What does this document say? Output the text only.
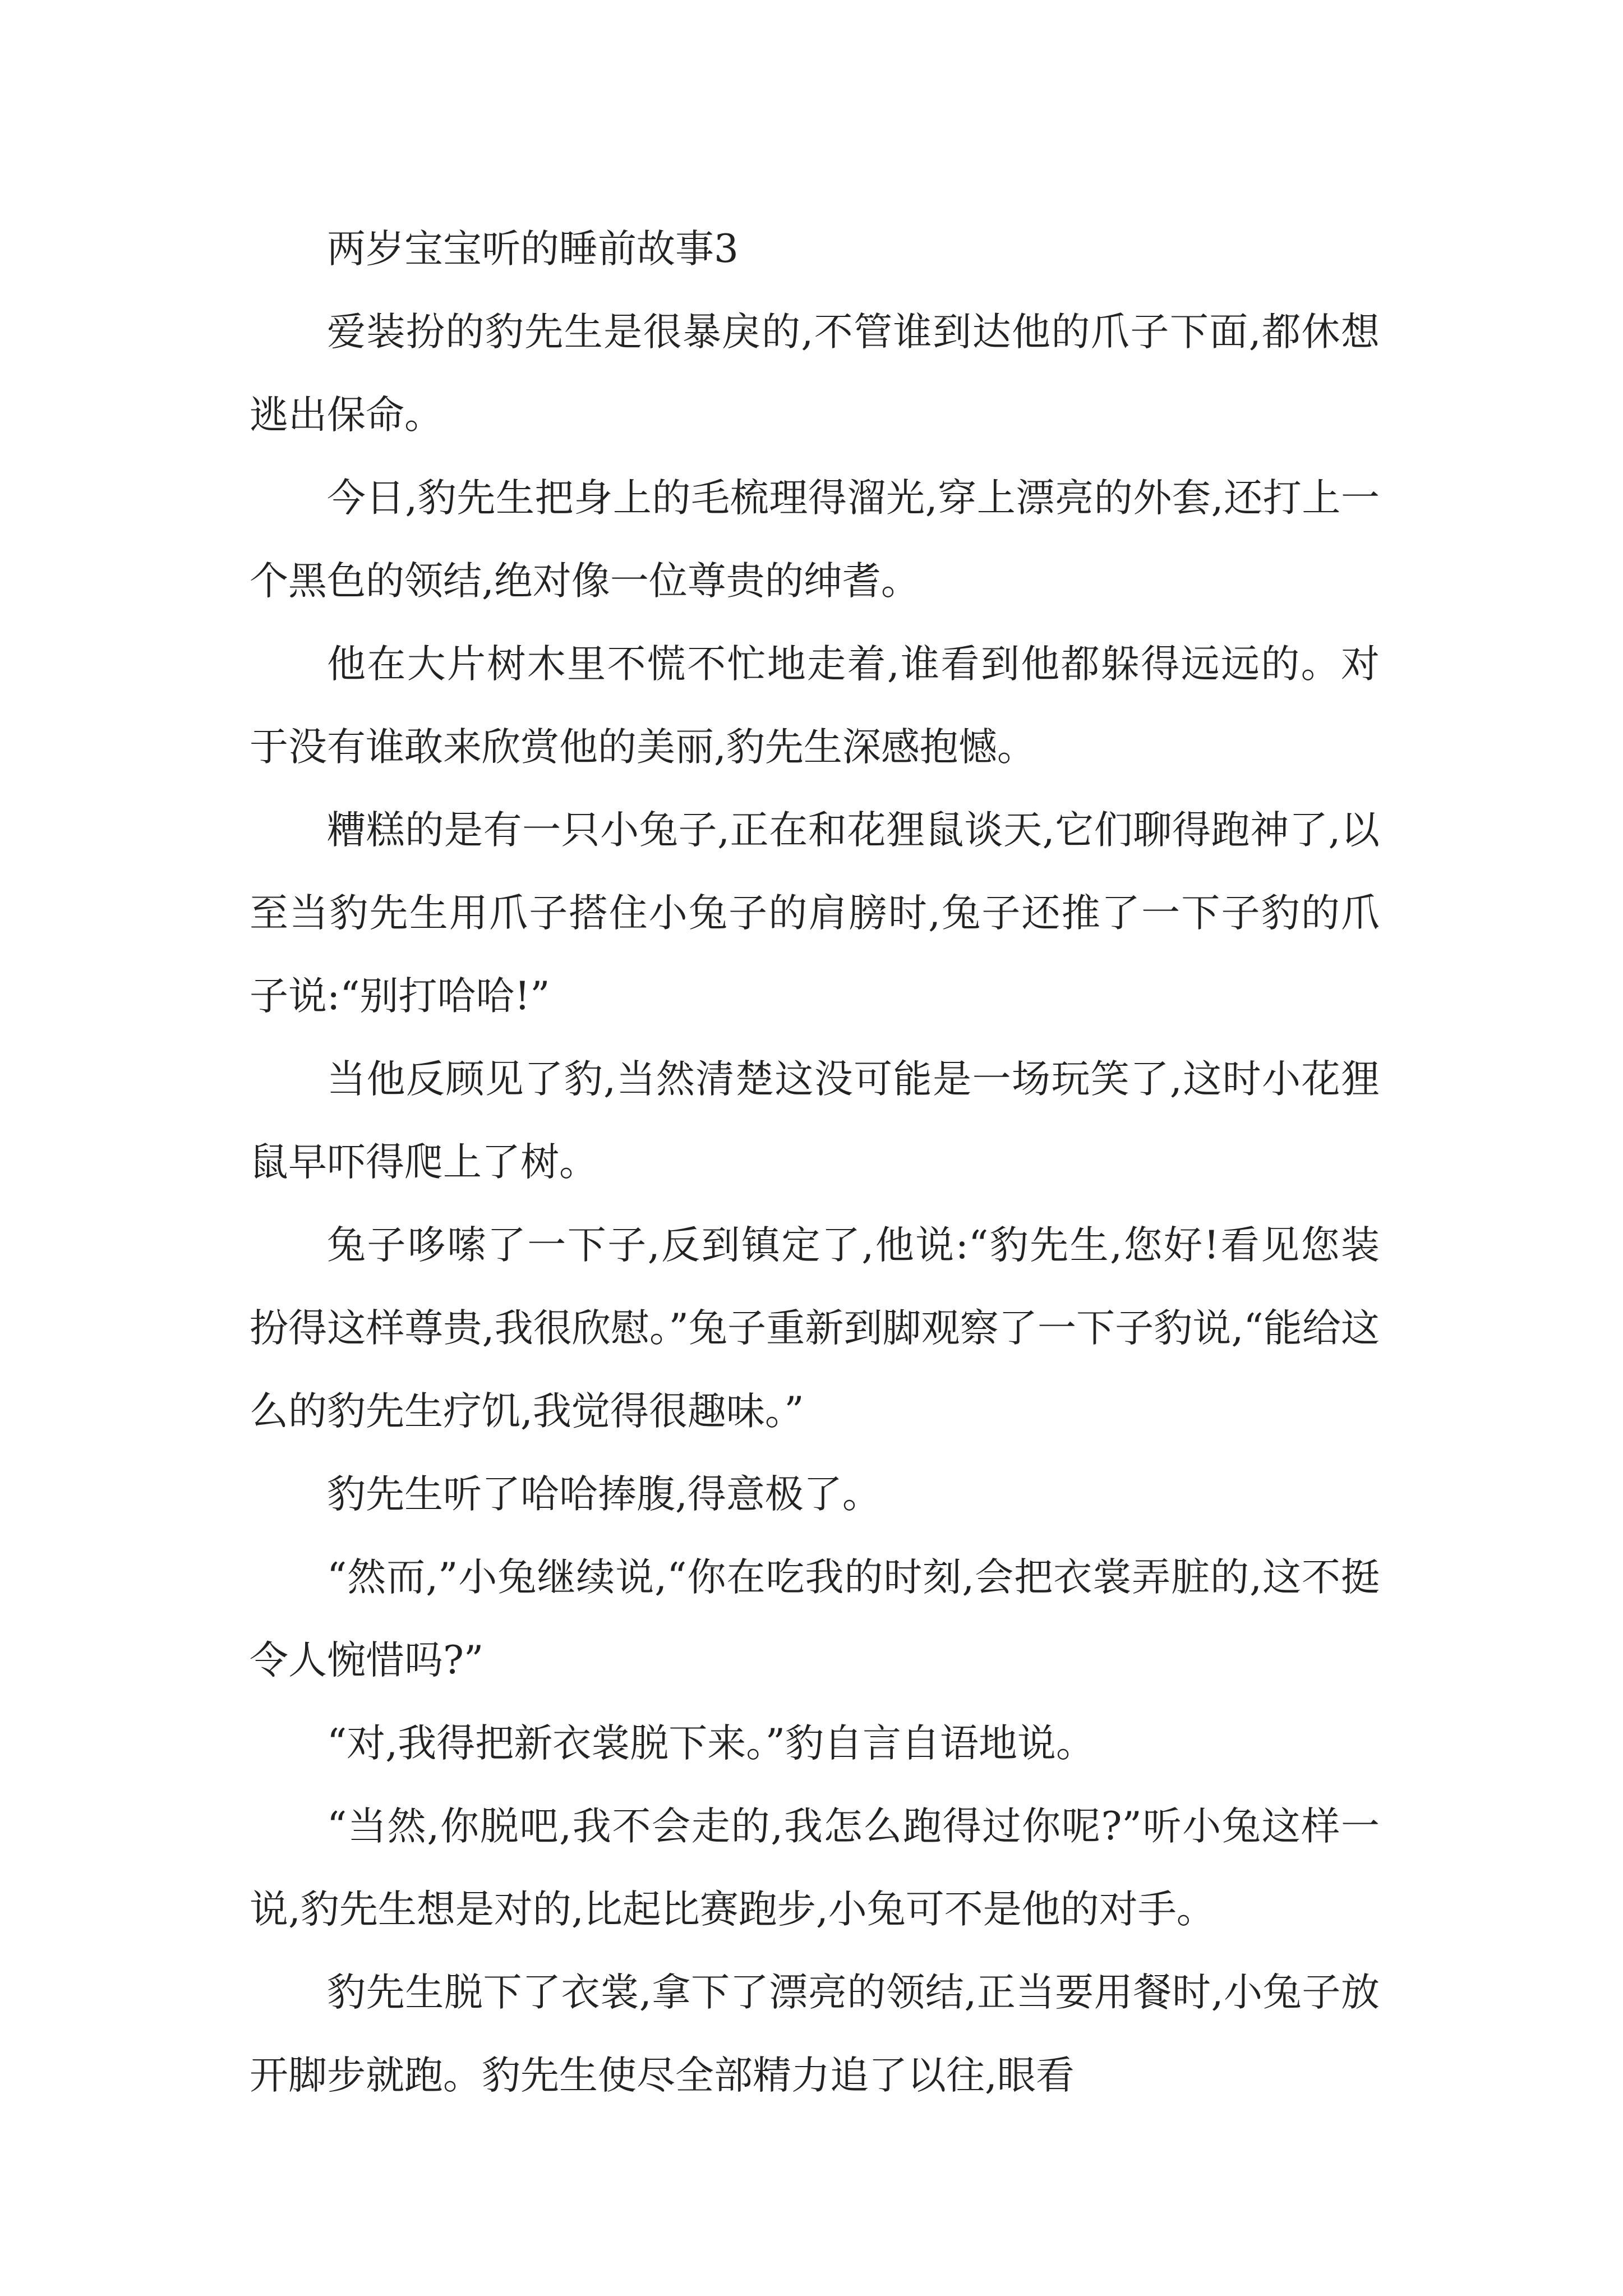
两岁宝宝听的睡前故事3

爱装扮的豹先生是很暴戾的,不管谁到达他的爪子下面,都休想逃出保命。

今日,豹先生把身上的毛梳理得溜光,穿上漂亮的外套,还打上一个黑色的领结,绝对像一位尊贵的绅耆。

他在大片树木里不慌不忙地走着,谁看到他都躲得远远的。对于没有谁敢来欣赏他的美丽,豹先生深感抱憾。

糟糕的是有一只小兔子,正在和花狸鼠谈天,它们聊得跑神了,以至当豹先生用爪子搭住小兔子的肩膀时,兔子还推了一下子豹的爪子说:“别打哈哈!”

当他反顾见了豹,当然清楚这没可能是一场玩笑了,这时小花狸鼠早吓得爬上了树。

兔子哆嗦了一下子,反到镇定了,他说:“豹先生,您好!看见您装扮得这样尊贵,我很欣慰。”兔子重新到脚观察了一下子豹说,“能给这么的豹先生疗饥,我觉得很趣味。”

豹先生听了哈哈捧腹,得意极了。

“然而,”小兔继续说,“你在吃我的时刻,会把衣裳弄脏的,这不挺令人惋惜吗?”

“对,我得把新衣裳脱下来。”豹自言自语地说。

“当然,你脱吧,我不会走的,我怎么跑得过你呢?”听小兔这样一说,豹先生想是对的,比起比赛跑步,小兔可不是他的对手。

豹先生脱下了衣裳,拿下了漂亮的领结,正当要用餐时,小兔子放开脚步就跑。豹先生使尽全部精力追了以往,眼看
